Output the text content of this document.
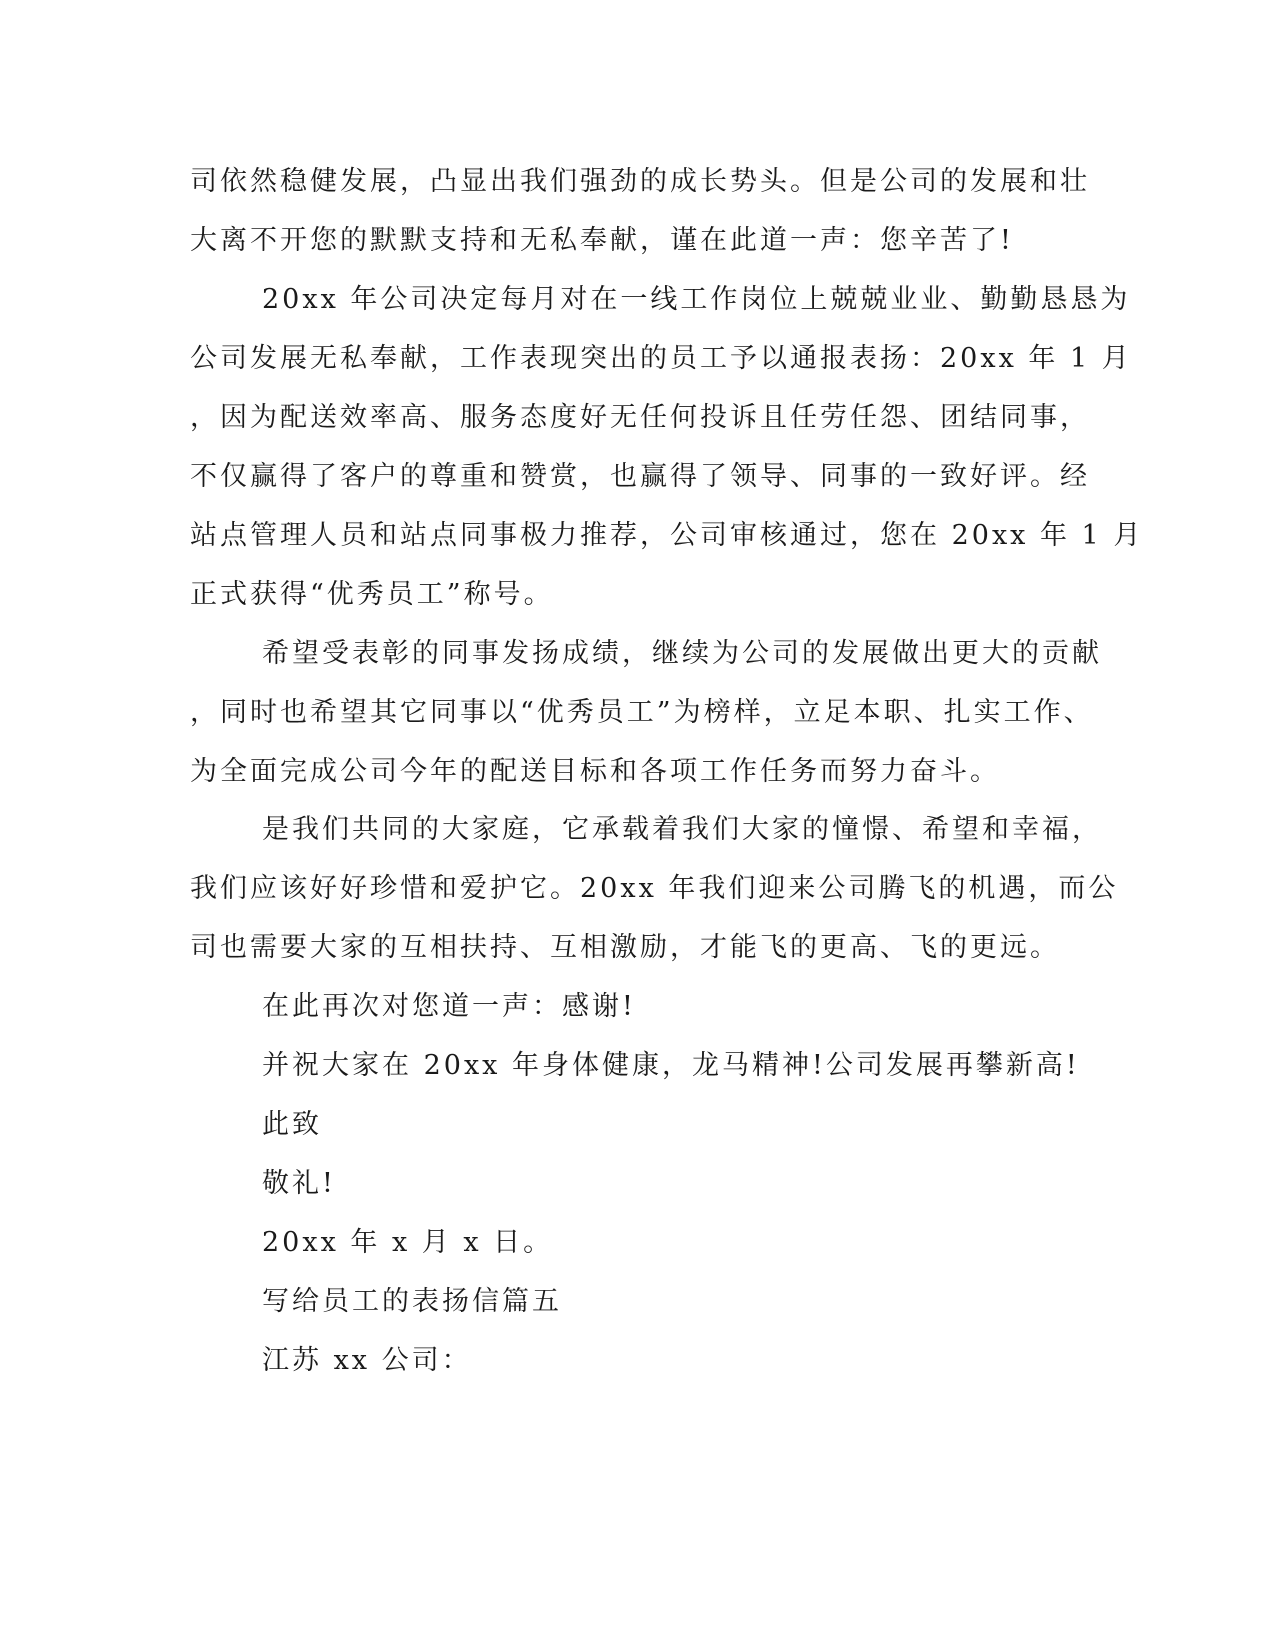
司依然稳健发展，凸显出我们强劲的成长势头。但是公司的发展和壮
大离不开您的默默支持和无私奉献，谨在此道一声：您辛苦了!
20xx 年公司决定每月对在一线工作岗位上兢兢业业、勤勤恳恳为
公司发展无私奉献，工作表现突出的员工予以通报表扬：20xx 年 1 月
，因为配送效率高、服务态度好无任何投诉且任劳任怨、团结同事，
不仅赢得了客户的尊重和赞赏，也赢得了领导、同事的一致好评。经
站点管理人员和站点同事极力推荐，公司审核通过，您在 20xx 年 1 月
正式获得“优秀员工”称号。
希望受表彰的同事发扬成绩，继续为公司的发展做出更大的贡献
，同时也希望其它同事以“优秀员工”为榜样，立足本职、扎实工作、
为全面完成公司今年的配送目标和各项工作任务而努力奋斗。
是我们共同的大家庭，它承载着我们大家的憧憬、希望和幸福，
我们应该好好珍惜和爱护它。20xx 年我们迎来公司腾飞的机遇，而公
司也需要大家的互相扶持、互相激励，才能飞的更高、飞的更远。
在此再次对您道一声：感谢!
并祝大家在 20xx 年身体健康，龙马精神!公司发展再攀新高!
此致
敬礼!
20xx 年 x 月 x 日。
写给员工的表扬信篇五
江苏 xx 公司：
